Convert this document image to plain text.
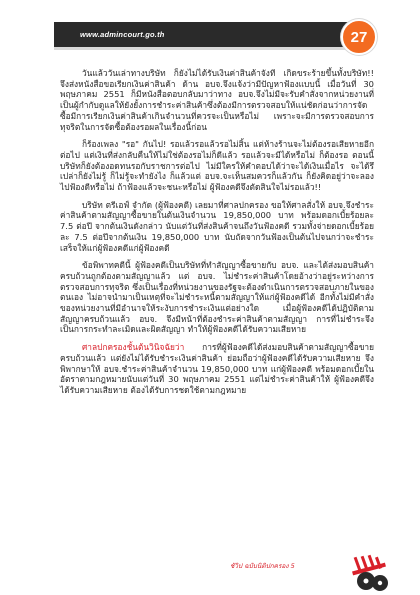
www.admincourt.go.th	27

วันแล้ววันเล่าทางบริษัท ก็ยังไม่ได้รับเงินค่าสินค้าจังที เกิดขระร้ายขึ้นทั้งบริษัท!! จึงส่งหนังสือขอเรียกเงินค่าสินค้า ด้าน อบจ.จึงแจ้งว่ามีปัญหาฟ้องแบบนี้ เมื่อวันที่ 30 พฤษภาคม 2551 ก็มีหนังสือตอบกลับมาว่าทาง อบจ.จึงไม่มีจะรับคำสั่งจากหน่วยงานที่เป็นผู้กำกับดูแลให้ยังยั้งการชำระค่าสินค้าซึ่งต้องมีการตรวจสอบให้แน่ชัดก่อนว่าการจัดซื้อมีการเรียกเงินค่าสินค้าเกินจำนวนที่ควรจะเป็นหรือไม่ เพราะจะมีการตรวจสอบการทุจริตในการจัดซื้อต้องรอผลในเรื่องนี้ก่อน

ก็ร้องเพลง "รอ" กันไป! รอแล้วรอแล้วรอไม่สิ้น แต่ห้างร้านจะไม่ต้องรอเสียหายอีกต่อไป แต่เงินที่ส่งกลับคืนให้ไม่ใช่ต้องรอไม่ก็ดีแล้ว รอแล้วจะมีได้หรือไม่ ก็ต้องรอ ตอนนี้บริษัทก็ยังต้องอดทนรอกับราชการต่อไป ไม่มีใครให้คำตอบได้ว่าจะได้เงินเมื่อไร จะได้รึเปล่าก็ยังไม่รู้ ก็ไม่รู้จะทำยังไง ก็แล้วแต่ อบจ.จะเห็นสมควรก็แล้วกัน ก็ยังคิดอยู่ว่าจะลองไปฟ้องดีหรือไม่ ถ้าฟ้องแล้วจะชนะหรือไม่ ผู้ฟ้องคดีจึงตัดสินใจไม่รอแล้ว!!

บริษัท ตรีเอฟ์ จำกัด (ผู้ฟ้องคดี) เลยมาที่ศาลปกครอง ขอให้ศาลสั่งให้ อบจ.จึงชำระค่าสินค้าตามสัญญาซื้อขายในต้นเงินจำนวน 19,850,000 บาท พร้อมดอกเบี้ยร้อยละ 7.5 ต่อปี จากต้นเงินดังกล่าว นับแต่วันที่ส่งสินค้าจนถึงวันฟ้องคดี รวมทั้งจ่ายดอกเบี้ยร้อยละ 7.5 ต่อปีจากต้นเงิน 19,850,000 บาท นับถัดจากวันฟ้องเป็นต้นไปจนกว่าจะชำระเสร็จให้แก่ผู้ฟ้องคดีแก่ผู้ฟ้องคดี

ข้อพิพาทคดีนี้ ผู้ฟ้องคดีเป็นบริษัทที่ทำสัญญาซื้อขายกับ อบจ. และได้ส่งมอบสินค้าครบถ้วนถูกต้องตามสัญญาแล้ว แต่ อบจ. ไม่ชำระค่าสินค้าโดยอ้างว่าอยู่ระหว่างการตรวจสอบการทุจริต ซึ่งเป็นเรื่องที่หน่วยงานของรัฐจะต้องดำเนินการตรวจสอบภายในของตนเอง ไม่อาจนำมาเป็นเหตุที่จะไม่ชำระหนี้ตามสัญญาให้แก่ผู้ฟ้องคดีได้ อีกทั้งไม่มีคำสั่งของหน่วยงานที่มีอำนาจให้ระงับการชำระเงินแต่อย่างใด เมื่อผู้ฟ้องคดีได้ปฏิบัติตามสัญญาครบถ้วนแล้ว อบจ. จึงมีหน้าที่ต้องชำระค่าสินค้าตามสัญญา การที่ไม่ชำระจึงเป็นการกระทำละเมิดและผิดสัญญา ทำให้ผู้ฟ้องคดีได้รับความเสียหาย

ศาลปกครองชั้นต้นวินิจฉัยว่า การที่ผู้ฟ้องคดีได้ส่งมอบสินค้าตามสัญญาซื้อขายครบถ้วนแล้ว แต่ยังไม่ได้รับชำระเงินค่าสินค้า ย่อมถือว่าผู้ฟ้องคดีได้รับความเสียหาย จึงพิพากษาให้ อบจ.ชำระค่าสินค้าจำนวน 19,850,000 บาท แก่ผู้ฟ้องคดี พร้อมดอกเบี้ยในอัตราตามกฎหมายนับแต่วันที่ 30 พฤษภาคม 2551 แต่ไม่ชำระค่าสินค้าให้ ผู้ฟ้องคดีจึงได้รับความเสียหาย ต้องได้รับการชดใช้ตามกฎหมาย

ชัวิป ฉบับนิติปกครอง 5
